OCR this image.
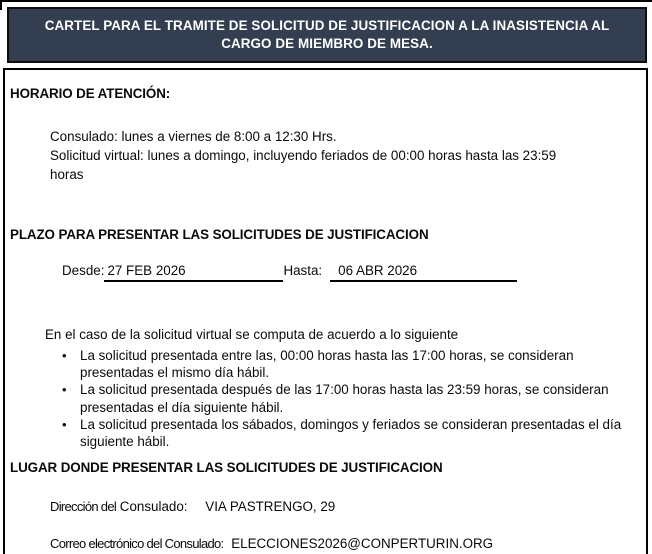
CARTEL PARA EL TRAMITE DE SOLICITUD DE JUSTIFICACION A LA INASISTENCIA AL CARGO DE MIEMBRO DE MESA.
HORARIO DE ATENCIÓN:
Consulado: lunes a viernes de 8:00 a 12:30 Hrs.
Solicitud virtual: lunes a domingo, incluyendo feriados de 00:00 horas hasta las 23:59 horas
PLAZO PARA PRESENTAR LAS SOLICITUDES DE JUSTIFICACION
Desde: 27 FEB 2026	Hasta: 06 ABR 2026
En el caso de la solicitud virtual se computa de acuerdo a lo siguiente
• La solicitud presentada entre las, 00:00 horas hasta las 17:00 horas, se consideran presentadas el mismo día hábil.
• La solicitud presentada después de las 17:00 horas hasta las 23:59 horas, se consideran presentadas el día siguiente hábil.
• La solicitud presentada los sábados, domingos y feriados se consideran presentadas el día siguiente hábil.
LUGAR DONDE PRESENTAR LAS SOLICITUDES DE JUSTIFICACION
Dirección del Consulado: VIA PASTRENGO, 29
Correo electrónico del Consulado: ELECCIONES2026@CONPERTURIN.ORG
